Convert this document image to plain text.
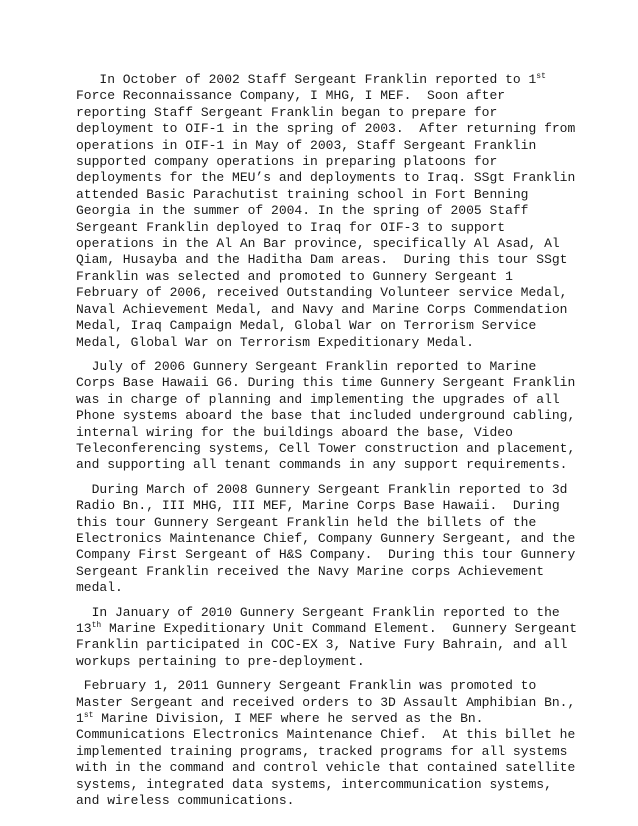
In October of 2002 Staff Sergeant Franklin reported to 1st
Force Reconnaissance Company, I MHG, I MEF.  Soon after
reporting Staff Sergeant Franklin began to prepare for
deployment to OIF-1 in the spring of 2003.  After returning from
operations in OIF-1 in May of 2003, Staff Sergeant Franklin
supported company operations in preparing platoons for
deployments for the MEU’s and deployments to Iraq. SSgt Franklin
attended Basic Parachutist training school in Fort Benning
Georgia in the summer of 2004. In the spring of 2005 Staff
Sergeant Franklin deployed to Iraq for OIF-3 to support
operations in the Al An Bar province, specifically Al Asad, Al
Qiam, Husayba and the Haditha Dam areas.  During this tour SSgt
Franklin was selected and promoted to Gunnery Sergeant 1
February of 2006, received Outstanding Volunteer service Medal,
Naval Achievement Medal, and Navy and Marine Corps Commendation
Medal, Iraq Campaign Medal, Global War on Terrorism Service
Medal, Global War on Terrorism Expeditionary Medal.
July of 2006 Gunnery Sergeant Franklin reported to Marine
Corps Base Hawaii G6. During this time Gunnery Sergeant Franklin
was in charge of planning and implementing the upgrades of all
Phone systems aboard the base that included underground cabling,
internal wiring for the buildings aboard the base, Video
Teleconferencing systems, Cell Tower construction and placement,
and supporting all tenant commands in any support requirements.
During March of 2008 Gunnery Sergeant Franklin reported to 3d
Radio Bn., III MHG, III MEF, Marine Corps Base Hawaii.  During
this tour Gunnery Sergeant Franklin held the billets of the
Electronics Maintenance Chief, Company Gunnery Sergeant, and the
Company First Sergeant of H&S Company.  During this tour Gunnery
Sergeant Franklin received the Navy Marine corps Achievement
medal.
In January of 2010 Gunnery Sergeant Franklin reported to the
13th Marine Expeditionary Unit Command Element.  Gunnery Sergeant
Franklin participated in COC-EX 3, Native Fury Bahrain, and all
workups pertaining to pre-deployment.
February 1, 2011 Gunnery Sergeant Franklin was promoted to
Master Sergeant and received orders to 3D Assault Amphibian Bn.,
1st Marine Division, I MEF where he served as the Bn.
Communications Electronics Maintenance Chief.  At this billet he
implemented training programs, tracked programs for all systems
with in the command and control vehicle that contained satellite
systems, integrated data systems, intercommunication systems,
and wireless communications.
